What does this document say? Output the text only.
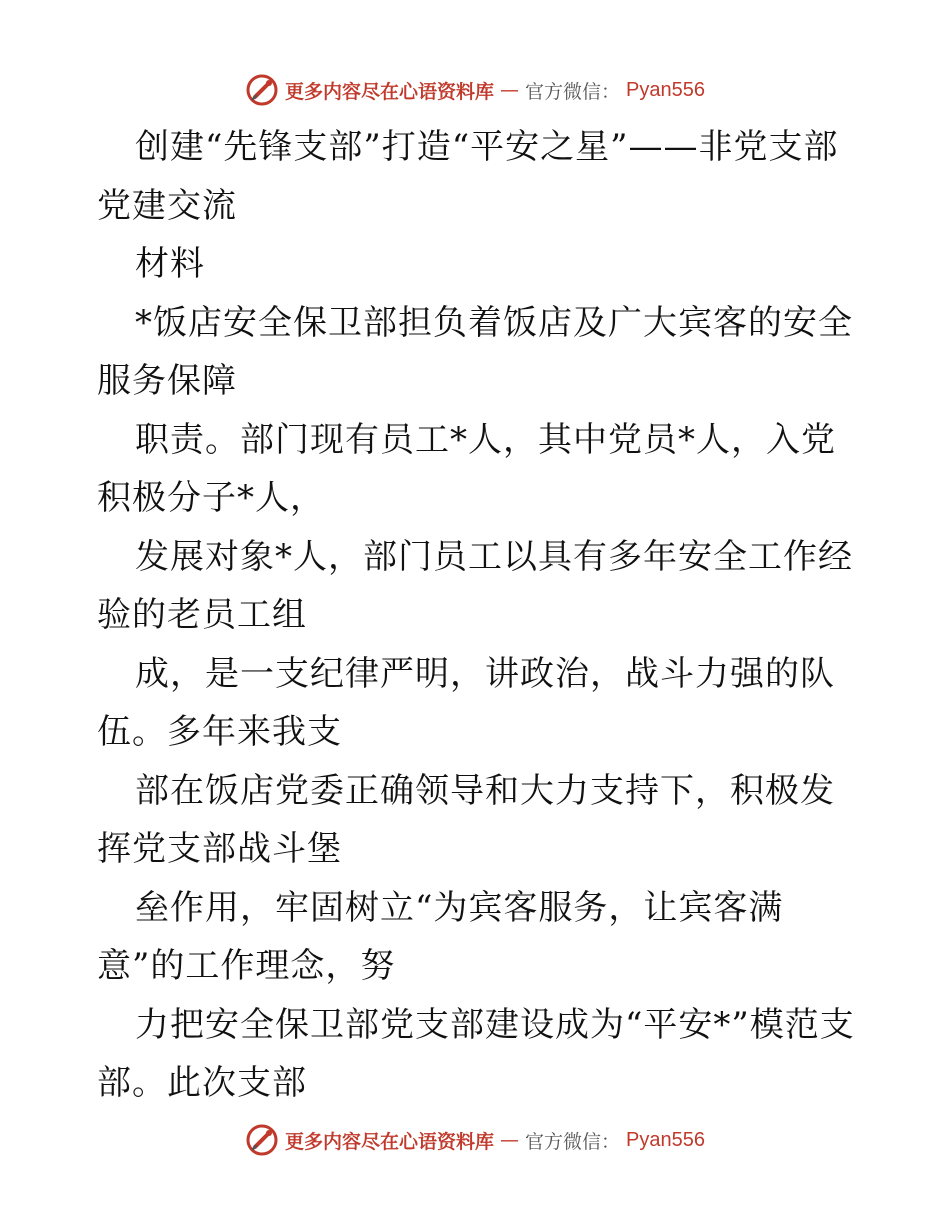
更多内容尽在心语资料库 — 官方微信： Pyan556

创建“先锋支部”打造“平安之星”——非党支部党建交流

材料

*饭店安全保卫部担负着饭店及广大宾客的安全服务保障

职责。部门现有员工*人，其中党员*人，入党积极分子*人，

发展对象*人，部门员工以具有多年安全工作经验的老员工组

成，是一支纪律严明，讲政治，战斗力强的队伍。多年来我支

部在饭店党委正确领导和大力支持下，积极发挥党支部战斗堡

垒作用，牢固树立“为宾客服务，让宾客满意”的工作理念，努

力把安全保卫部党支部建设成为“平安*”模范支部。此次支部

更多内容尽在心语资料库 — 官方微信： Pyan556
